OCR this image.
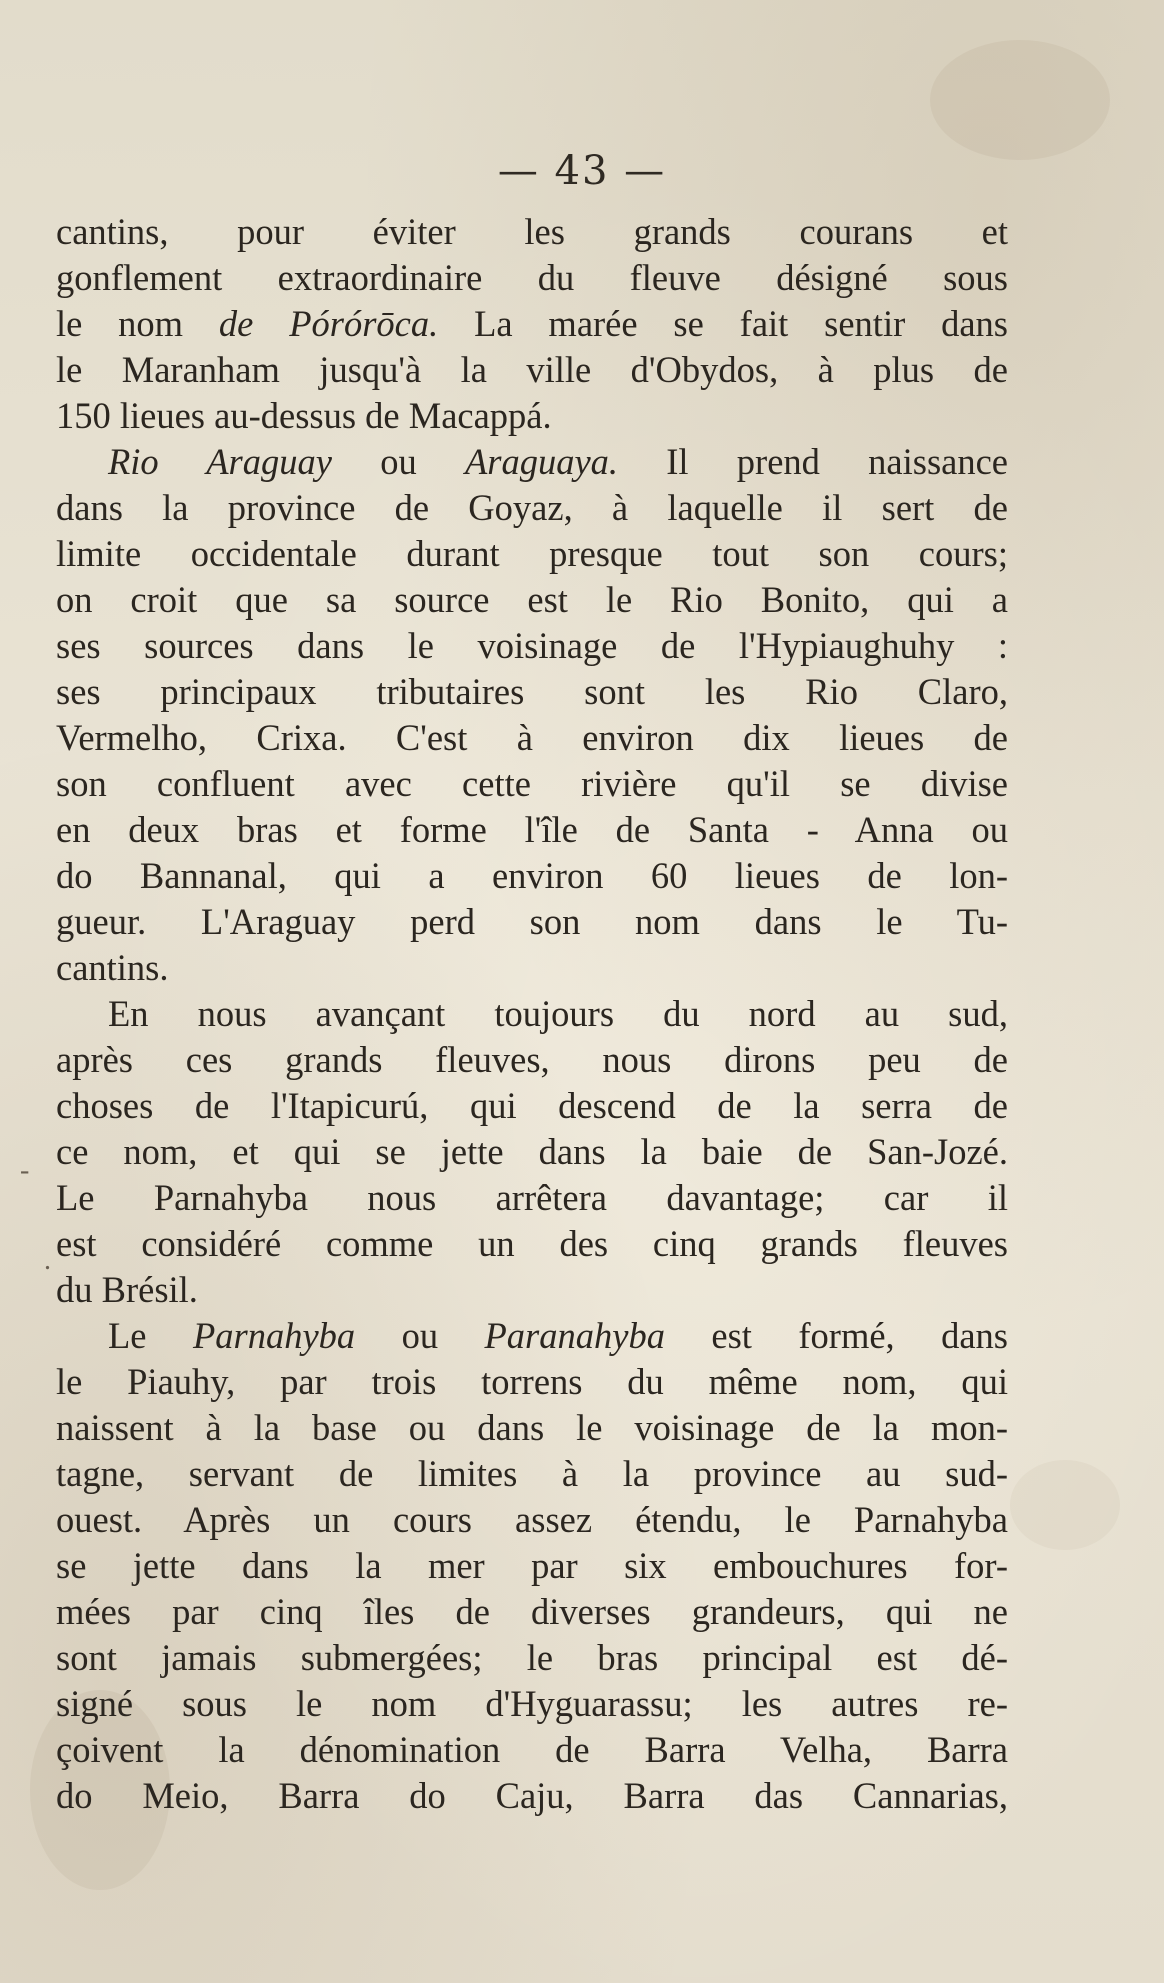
— 43 —
-
.
cantins, pour éviter les grands courans et
gonflement extraordinaire du fleuve désigné sous
le nom de Pórórōca. La marée se fait sentir dans
le Maranham jusqu'à la ville d'Obydos, à plus de
150 lieues au-dessus de Macappá.
Rio Araguay ou Araguaya. Il prend naissance
dans la province de Goyaz, à laquelle il sert de
limite occidentale durant presque tout son cours;
on croit que sa source est le Rio Bonito, qui a
ses sources dans le voisinage de l'Hypiaughuhy :
ses principaux tributaires sont les Rio Claro,
Vermelho, Crixa. C'est à environ dix lieues de
son confluent avec cette rivière qu'il se divise
en deux bras et forme l'île de Santa - Anna ou
do Bannanal, qui a environ 60 lieues de lon-
gueur. L'Araguay perd son nom dans le Tu-
cantins.
En nous avançant toujours du nord au sud,
après ces grands fleuves, nous dirons peu de
choses de l'Itapicurú, qui descend de la serra de
ce nom, et qui se jette dans la baie de San-Jozé.
Le Parnahyba nous arrêtera davantage; car il
est considéré comme un des cinq grands fleuves
du Brésil.
Le Parnahyba ou Paranahyba est formé, dans
le Piauhy, par trois torrens du même nom, qui
naissent à la base ou dans le voisinage de la mon-
tagne, servant de limites à la province au sud-
ouest. Après un cours assez étendu, le Parnahyba
se jette dans la mer par six embouchures for-
mées par cinq îles de diverses grandeurs, qui ne
sont jamais submergées; le bras principal est dé-
signé sous le nom d'Hyguarassu; les autres re-
çoivent la dénomination de Barra Velha, Barra
do Meio, Barra do Caju, Barra das Cannarias,
